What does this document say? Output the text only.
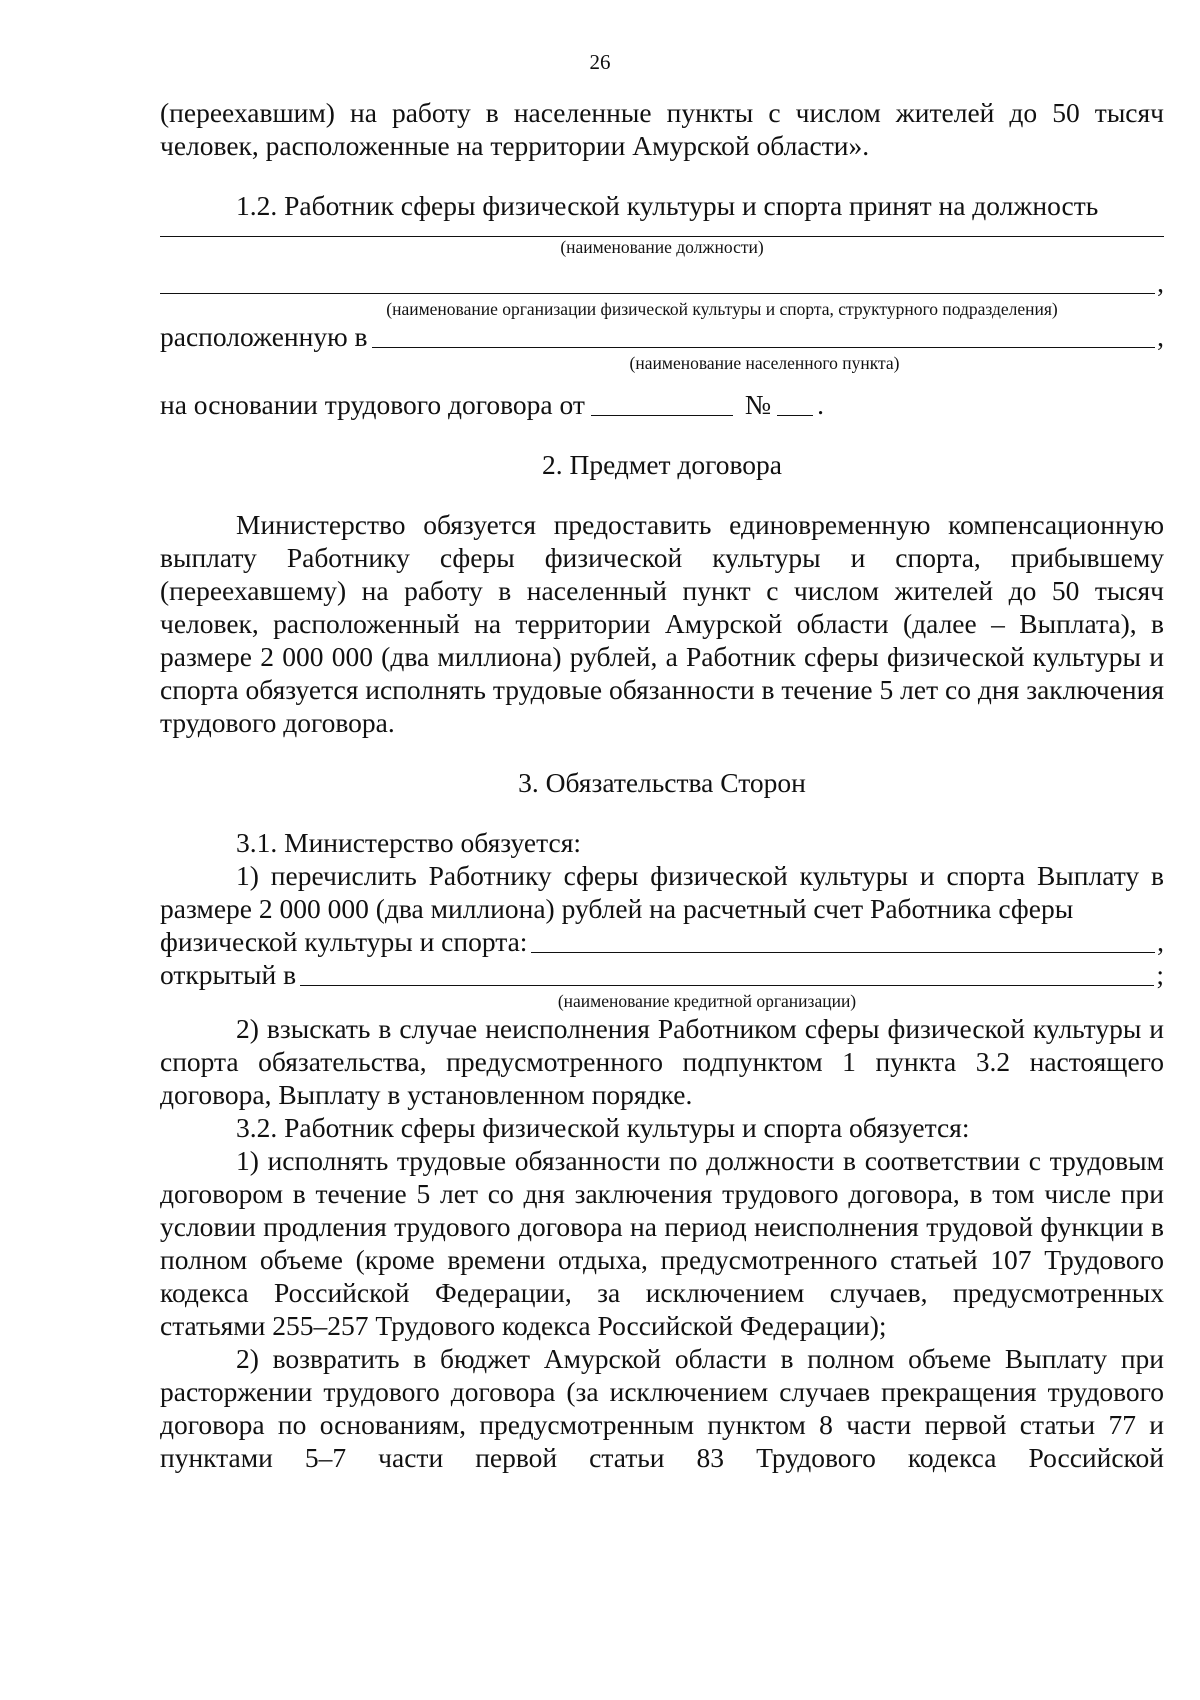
26

(переехавшим) на работу в населенные пункты с числом жителей до 50 тысяч

человек, расположенные на территории Амурской области».

1.2. Работник сферы физической культуры и спорта принят на должность

(наименование должности)
,
(наименование организации физической культуры и спорта, структурного подразделения)
расположенную в	,
(наименование населенного пункта)
на основании трудового договора от	№ .

2. Предмет договора

Министерство обязуется предоставить единовременную компенсационную выплату Работнику сферы физической культуры и спорта, прибывшему (переехавшему) на работу в населенный пункт с числом жителей до 50 тысяч человек, расположенный на территории Амурской области (далее – Выплата), в размере 2 000 000 (два миллиона) рублей, а Работник сферы физической культуры и спорта обязуется исполнять трудовые обязанности в течение 5 лет со дня заключения трудового договора.

3. Обязательства Сторон

3.1. Министерство обязуется:

1) перечислить Работнику сферы физической культуры и спорта Выплату в размере 2 000 000 (два миллиона) рублей на расчетный счет Работника сферы

физической культуры и спорта:	,
открытый в	;
(наименование кредитной организации)

2) взыскать в случае неисполнения Работником сферы физической культуры и спорта обязательства, предусмотренного подпунктом 1 пункта 3.2 настоящего договора, Выплату в установленном порядке.

3.2. Работник сферы физической культуры и спорта обязуется:

1) исполнять трудовые обязанности по должности в соответствии с трудовым договором в течение 5 лет со дня заключения трудового договора, в том числе при условии продления трудового договора на период неисполнения трудовой функции в полном объеме (кроме времени отдыха, предусмотренного статьей 107 Трудового кодекса Российской Федерации, за исключением случаев, предусмотренных статьями 255–257 Трудового кодекса Российской Федерации);

2) возвратить в бюджет Амурской области в полном объеме Выплату при расторжении трудового договора (за исключением случаев прекращения трудового договора по основаниям, предусмотренным пунктом 8 части первой статьи 77 и пунктами 5–7 части первой статьи 83 Трудового кодекса Российской
